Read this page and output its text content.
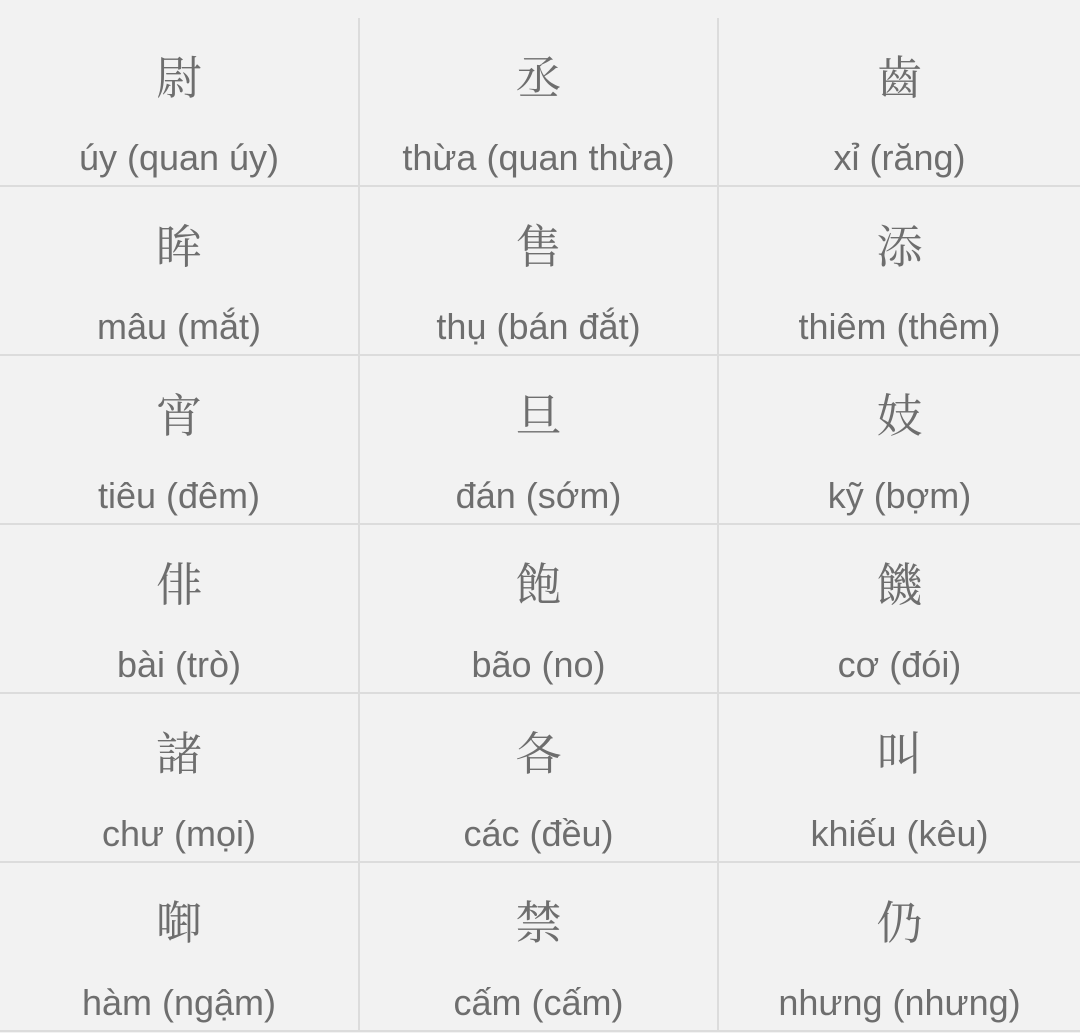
尉
úy (quan úy)
丞
thừa (quan thừa)
齒
xỉ (răng)
眸
mâu (mắt)
售
thụ (bán đắt)
添
thiêm (thêm)
宵
tiêu (đêm)
旦
đán (sớm)
妓
kỹ (bợm)
俳
bài (trò)
飽
bão (no)
饑
cơ (đói)
諸
chư (mọi)
各
các (đều)
叫
khiếu (kêu)
啣
hàm (ngậm)
禁
cấm (cấm)
仍
nhưng (nhưng)
